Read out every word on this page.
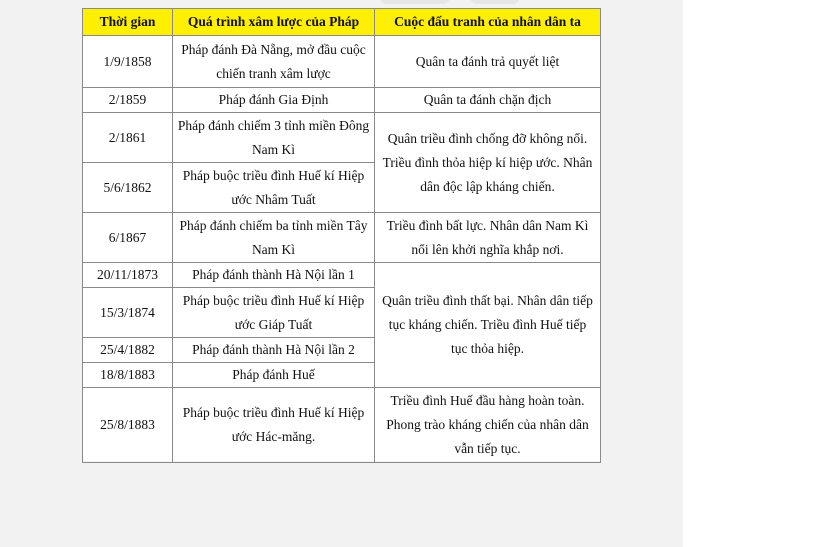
Thời gian	Quá trình xâm lược của Pháp	Cuộc đấu tranh của nhân dân ta
1/9/1858	Pháp đánh Đà Nẵng, mở đầu cuộc chiến tranh xâm lược	Quân ta đánh trả quyết liệt
2/1859	Pháp đánh Gia Định	Quân ta đánh chặn địch
2/1861	Pháp đánh chiếm 3 tỉnh miền Đông Nam Kì	Quân triều đình chống đỡ không nổi. Triều đình thỏa hiệp kí hiệp ước. Nhân dân độc lập kháng chiến.
5/6/1862	Pháp buộc triều đình Huế kí Hiệp ước Nhâm Tuất	
6/1867	Pháp đánh chiếm ba tỉnh miền Tây Nam Kì	Triều đình bất lực. Nhân dân Nam Kì nổi lên khởi nghĩa khắp nơi.
20/11/1873	Pháp đánh thành Hà Nội lần 1	Quân triều đình thất bại. Nhân dân tiếp tục kháng chiến. Triều đình Huế tiếp tục thỏa hiệp.
15/3/1874	Pháp buộc triều đình Huế kí Hiệp ước Giáp Tuất	
25/4/1882	Pháp đánh thành Hà Nội lần 2	
18/8/1883	Pháp đánh Huế	
25/8/1883	Pháp buộc triều đình Huế kí Hiệp ước Hác-măng.	Triều đình Huế đầu hàng hoàn toàn. Phong trào kháng chiến của nhân dân vẫn tiếp tục.
